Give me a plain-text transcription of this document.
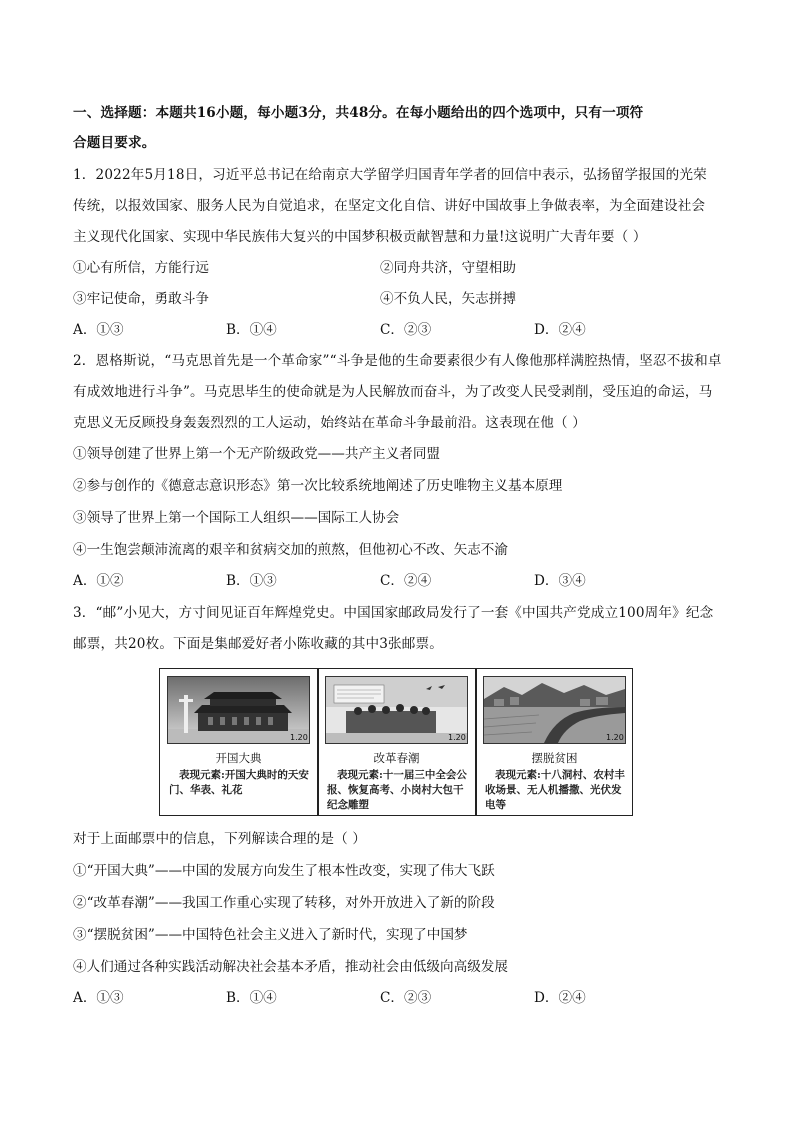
一、选择题：本题共16小题，每小题3分，共48分。在每小题给出的四个选项中，只有一项符
合题目要求。
1．2022年5月18日，习近平总书记在给南京大学留学归国青年学者的回信中表示，弘扬留学报国的光荣
传统，以报效国家、服务人民为自觉追求，在坚定文化自信、讲好中国故事上争做表率，为全面建设社会
主义现代化国家、实现中华民族伟大复兴的中国梦积极贡献智慧和力量!这说明广大青年要（ ）
①心有所信，方能行远	②同舟共济，守望相助
③牢记使命，勇敢斗争	④不负人民，矢志拼搏
A．①③	B．①④	C．②③	D．②④
2．恩格斯说，“马克思首先是一个革命家”“斗争是他的生命要素很少有人像他那样满腔热情，坚忍不拔和卓
有成效地进行斗争”。马克思毕生的使命就是为人民解放而奋斗，为了改变人民受剥削，受压迫的命运，马
克思义无反顾投身轰轰烈烈的工人运动，始终站在革命斗争最前沿。这表现在他（ ）
①领导创建了世界上第一个无产阶级政党——共产主义者同盟
②参与创作的《德意志意识形态》第一次比较系统地阐述了历史唯物主义基本原理
③领导了世界上第一个国际工人组织——国际工人协会
④一生饱尝颠沛流离的艰辛和贫病交加的煎熬，但他初心不改、矢志不渝
A．①②	B．①③	C．②④	D．③④
3．“邮”小见大，方寸间见证百年辉煌党史。中国国家邮政局发行了一套《中国共产党成立100周年》纪念
邮票，共20枚。下面是集邮爱好者小陈收藏的其中3张邮票。
1.20
开国大典
表现元素:开国大典时的天安门、华表、礼花
1.20
改革春潮
表现元素:十一届三中全会公报、恢复高考、小岗村大包干纪念雕塑
1.20
摆脱贫困
表现元素:十八洞村、农村丰收场景、无人机播撒、光伏发电等
对于上面邮票中的信息，下列解读合理的是（ ）
①“开国大典”——中国的发展方向发生了根本性改变，实现了伟大飞跃
②“改革春潮”——我国工作重心实现了转移，对外开放进入了新的阶段
③“摆脱贫困”——中国特色社会主义进入了新时代，实现了中国梦
④人们通过各种实践活动解决社会基本矛盾，推动社会由低级向高级发展
A．①③	B．①④	C．②③	D．②④
